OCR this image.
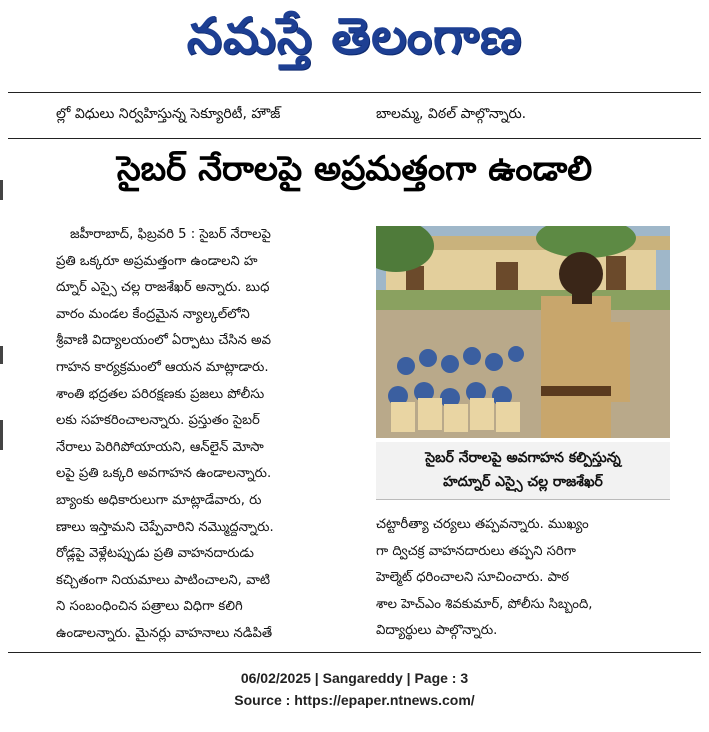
నమస్తే తెలంగాణ
ల్లో విధులు నిర్వహిస్తున్న సెక్యూరిటీ, హౌజ్	బాలమ్మ, విఠల్ పాల్గొన్నారు.
సైబర్ నేరాలపై అప్రమత్తంగా ఉండాలి

జహీరాబాద్, ఫిబ్రవరి 5 : సైబర్ నేరాలపై

ప్రతి ఒక్కరూ అప్రమత్తంగా ఉండాలని హ

ద్నూర్ ఎస్సై చల్ల రాజశేఖర్ అన్నారు. బుధ

వారం మండల కేంద్రమైన న్యాల్కల్‌లోని

శ్రీవాణి విద్యాలయంలో ఏర్పాటు చేసిన అవ

గాహన కార్యక్రమంలో ఆయన మాట్లాడారు.

శాంతి భద్రతల పరిరక్షణకు ప్రజలు పోలీసు

లకు సహకరించాలన్నారు. ప్రస్తుతం సైబర్

నేరాలు పెరిగిపోయాయని, ఆన్‌లైన్ మోసా

లపై ప్రతి ఒక్కరి అవగాహన ఉండాలన్నారు.

బ్యాంకు అధికారులుగా మాట్లాడేవారు, రు

ణాలు ఇస్తామని చెప్పేవారిని నమ్మొద్దన్నారు.

రోడ్లపై వెళ్లేటప్పుడు ప్రతి వాహనదారుడు

కచ్చితంగా నియమాలు పాటించాలని, వాటి

ని సంబంధించిన పత్రాలు విధిగా కలిగి

ఉండాలన్నారు. మైనర్లు వాహనాలు నడిపితే

సైబర్ నేరాలపై అవగాహన కల్పిస్తున్న
హద్నూర్ ఎస్సై చల్ల రాజశేఖర్

చట్టారీత్యా చర్యలు తప్పవన్నారు. ముఖ్యం

గా ద్విచక్ర వాహనదారులు తప్పని సరిగా

హెల్మెట్ ధరించాలని సూచించారు. పాఠ

శాల హెచ్ఎం శివకుమార్, పోలీసు సిబ్బంది,

విద్యార్థులు పాల్గొన్నారు.

06/02/2025 | Sangareddy | Page : 3
Source : https://epaper.ntnews.com/
